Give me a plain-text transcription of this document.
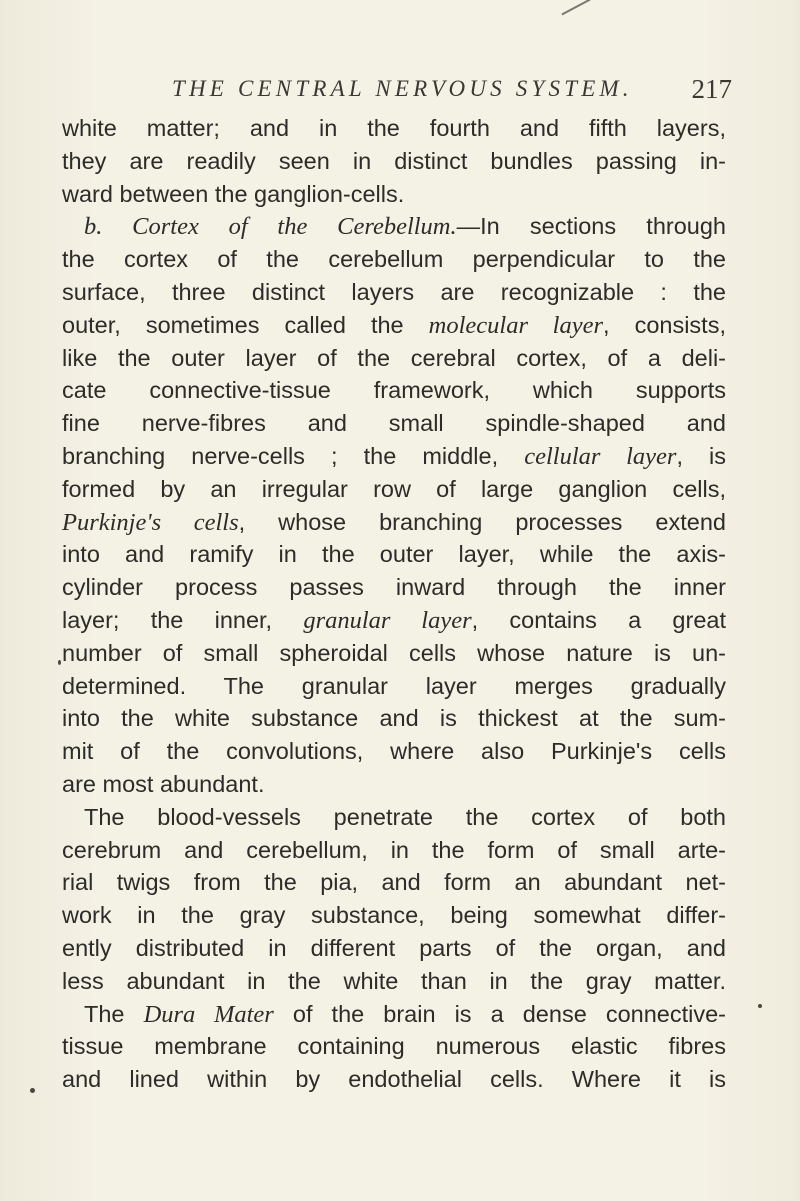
THE CENTRAL NERVOUS SYSTEM. 217
white matter; and in the fourth and fifth layers,
they are readily seen in distinct bundles passing in-
ward between the ganglion-cells.
b. Cortex of the Cerebellum.—In sections through
the cortex of the cerebellum perpendicular to the
surface, three distinct layers are recognizable : the
outer, sometimes called the molecular layer, consists,
like the outer layer of the cerebral cortex, of a deli-
cate connective-tissue framework, which supports
fine nerve-fibres and small spindle-shaped and
branching nerve-cells ; the middle, cellular layer, is
formed by an irregular row of large ganglion cells,
Purkinje's cells, whose branching processes extend
into and ramify in the outer layer, while the axis-
cylinder process passes inward through the inner
layer; the inner, granular layer, contains a great
number of small spheroidal cells whose nature is un-
determined. The granular layer merges gradually
into the white substance and is thickest at the sum-
mit of the convolutions, where also Purkinje's cells
are most abundant.
The blood-vessels penetrate the cortex of both
cerebrum and cerebellum, in the form of small arte-
rial twigs from the pia, and form an abundant net-
work in the gray substance, being somewhat differ-
ently distributed in different parts of the organ, and
less abundant in the white than in the gray matter.
The Dura Mater of the brain is a dense connective-
tissue membrane containing numerous elastic fibres
and lined within by endothelial cells. Where it is
